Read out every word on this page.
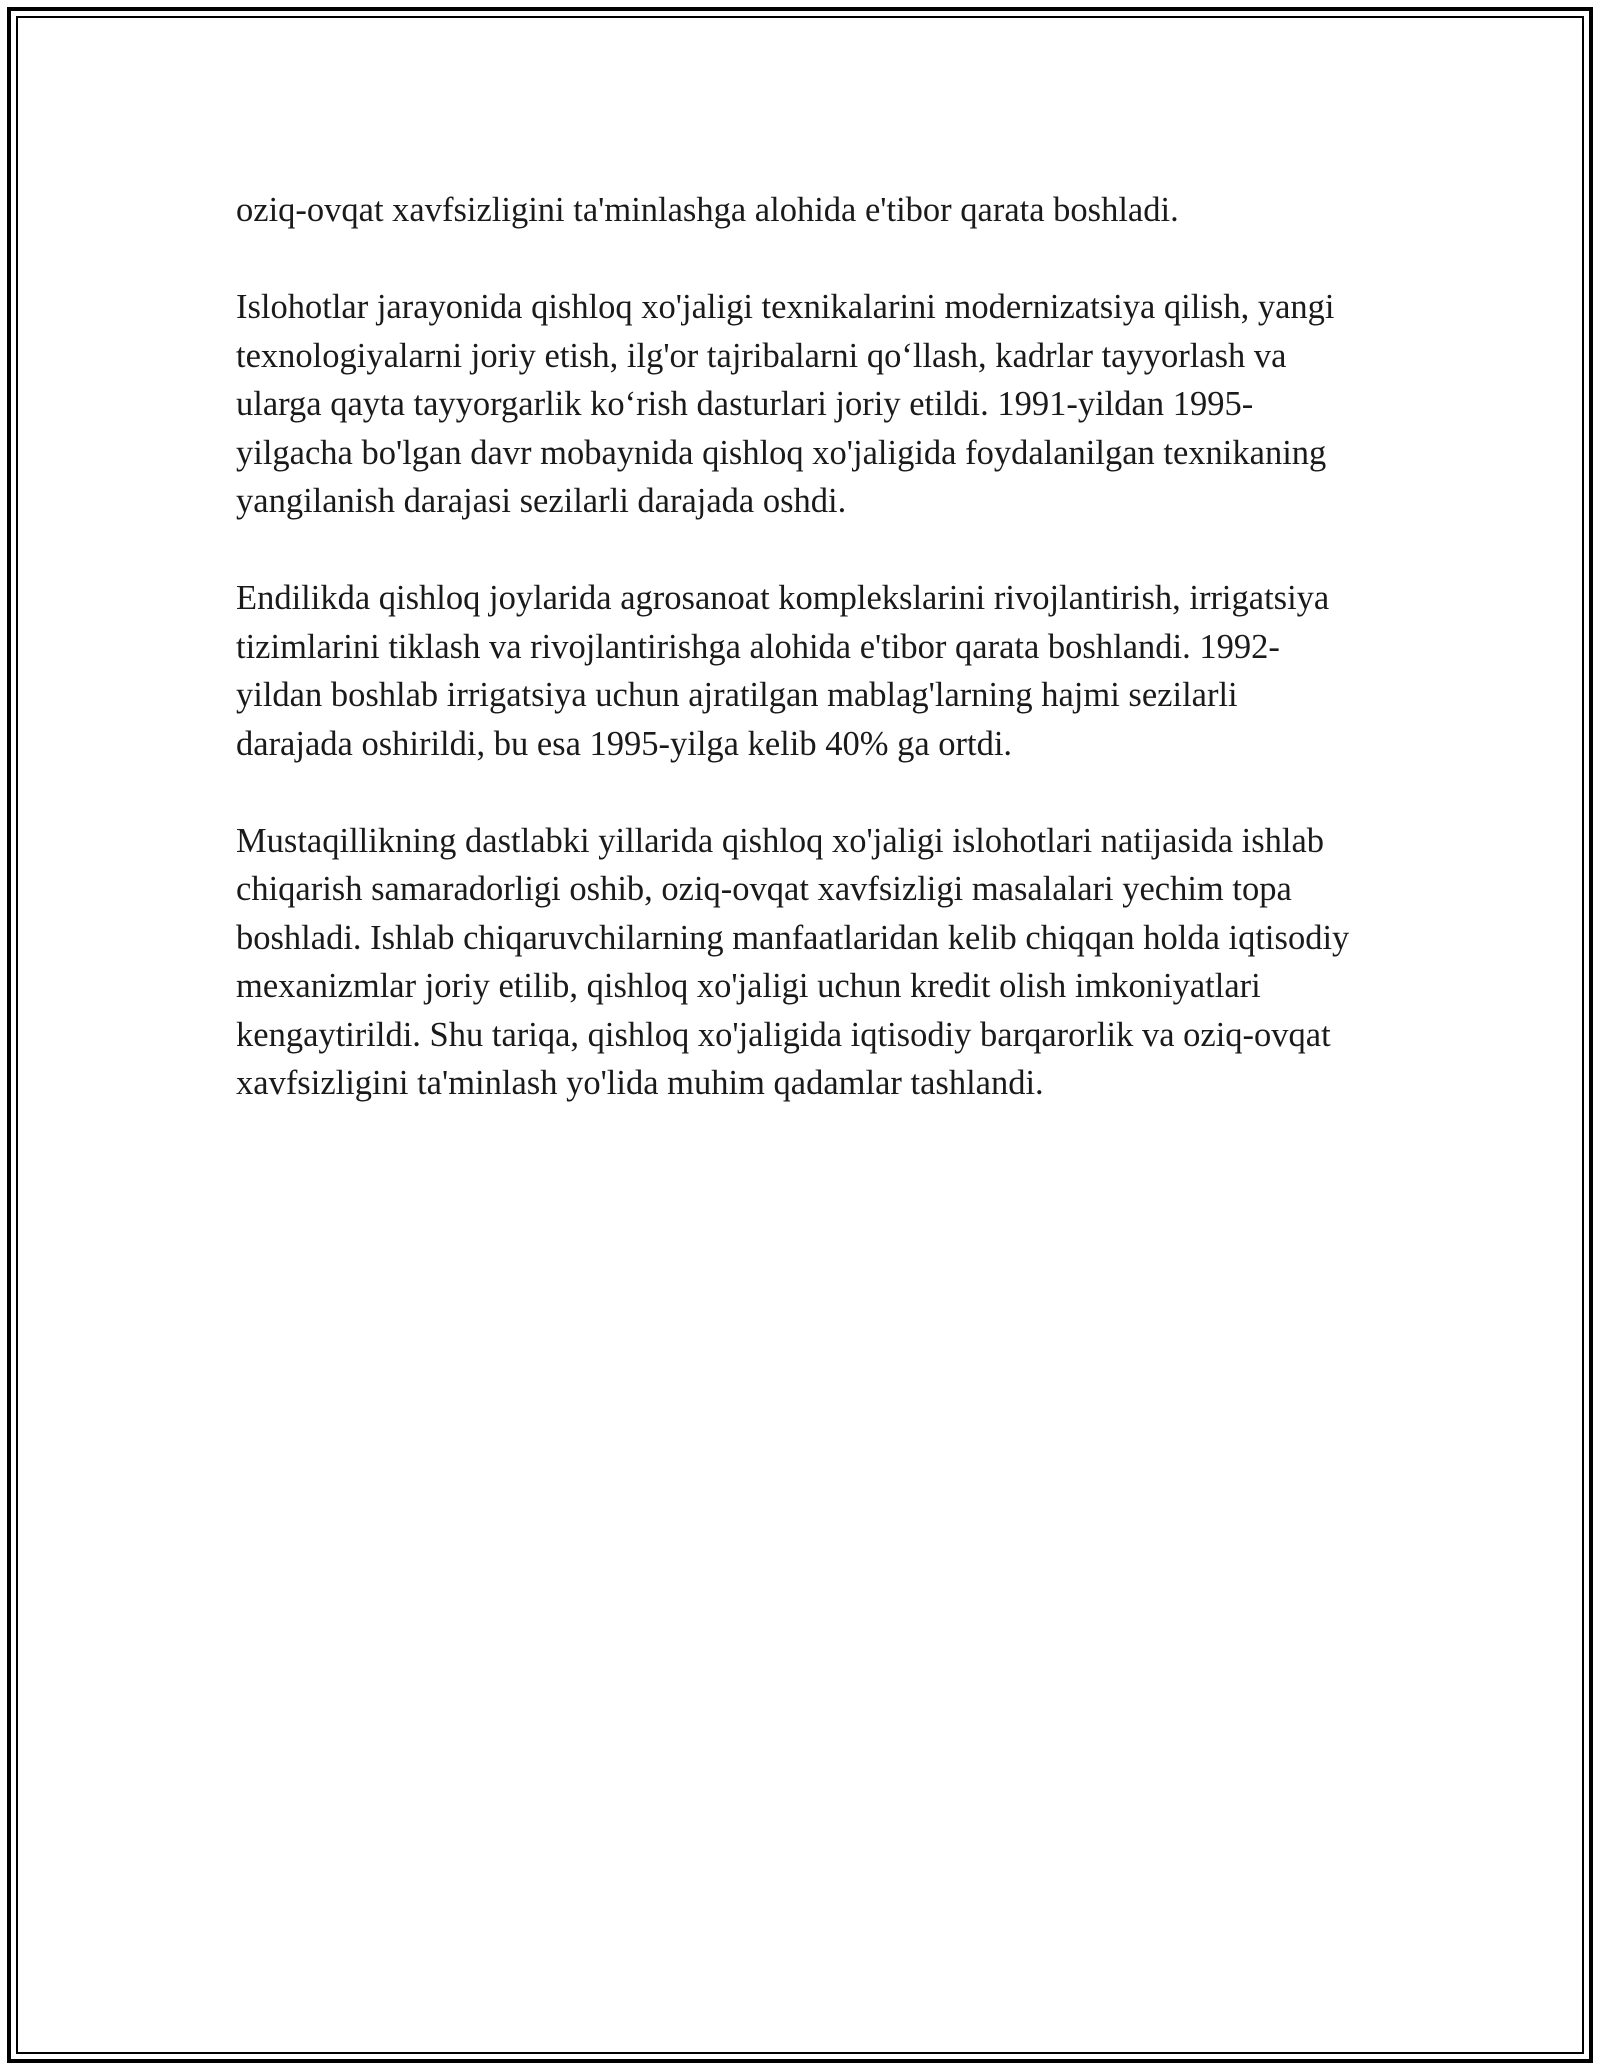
oziq-ovqat xavfsizligini ta'minlashga alohida e'tibor qarata boshladi.

Islohotlar jarayonida qishloq xo'jaligi texnikalarini modernizatsiya qilish, yangi texnologiyalarni joriy etish, ilg'or tajribalarni qo‘llash, kadrlar tayyorlash va ularga qayta tayyorgarlik ko‘rish dasturlari joriy etildi. 1991-yildan 1995-yilgacha bo'lgan davr mobaynida qishloq xo'jaligida foydalanilgan texnikaning yangilanish darajasi sezilarli darajada oshdi.

Endilikda qishloq joylarida agrosanoat komplekslarini rivojlantirish, irrigatsiya tizimlarini tiklash va rivojlantirishga alohida e'tibor qarata boshlandi. 1992-yildan boshlab irrigatsiya uchun ajratilgan mablag'larning hajmi sezilarli darajada oshirildi, bu esa 1995-yilga kelib 40% ga ortdi.

Mustaqillikning dastlabki yillarida qishloq xo'jaligi islohotlari natijasida ishlab chiqarish samaradorligi oshib, oziq-ovqat xavfsizligi masalalari yechim topa boshladi. Ishlab chiqaruvchilarning manfaatlaridan kelib chiqqan holda iqtisodiy mexanizmlar joriy etilib, qishloq xo'jaligi uchun kredit olish imkoniyatlari kengaytirildi. Shu tariqa, qishloq xo'jaligida iqtisodiy barqarorlik va oziq-ovqat xavfsizligini ta'minlash yo'lida muhim qadamlar tashlandi.
